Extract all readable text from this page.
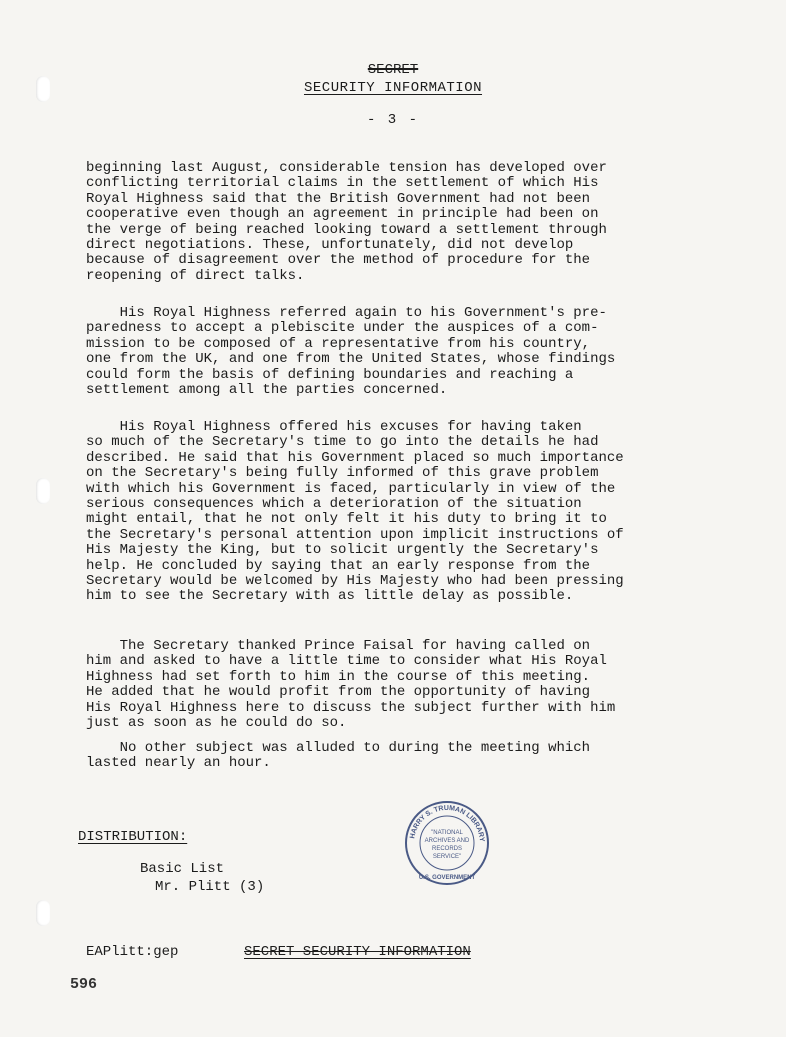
SECRET
SECURITY INFORMATION
- 3 -
beginning last August, considerable tension has developed over
conflicting territorial claims in the settlement of which His
Royal Highness said that the British Government had not been
cooperative even though an agreement in principle had been on
the verge of being reached looking toward a settlement through
direct negotiations. These, unfortunately, did not develop
because of disagreement over the method of procedure for the
reopening of direct talks.
His Royal Highness referred again to his Government's pre-
paredness to accept a plebiscite under the auspices of a com-
mission to be composed of a representative from his country,
one from the UK, and one from the United States, whose findings
could form the basis of defining boundaries and reaching a
settlement among all the parties concerned.
His Royal Highness offered his excuses for having taken
so much of the Secretary's time to go into the details he had
described. He said that his Government placed so much importance
on the Secretary's being fully informed of this grave problem
with which his Government is faced, particularly in view of the
serious consequences which a deterioration of the situation
might entail, that he not only felt it his duty to bring it to
the Secretary's personal attention upon implicit instructions of
His Majesty the King, but to solicit urgently the Secretary's
help. He concluded by saying that an early response from the
Secretary would be welcomed by His Majesty who had been pressing
him to see the Secretary with as little delay as possible.
The Secretary thanked Prince Faisal for having called on
him and asked to have a little time to consider what His Royal
Highness had set forth to him in the course of this meeting.
He added that he would profit from the opportunity of having
His Royal Highness here to discuss the subject further with him
just as soon as he could do so.
No other subject was alluded to during the meeting which
lasted nearly an hour.
DISTRIBUTION:
Basic List
Mr. Plitt (3)
HARRY S. TRUMAN LIBRARY
"NATIONAL
ARCHIVES AND
RECORDS
SERVICE"
U.S. GOVERNMENT
EAPlitt:gep	SECRET SECURITY INFORMATION
596
